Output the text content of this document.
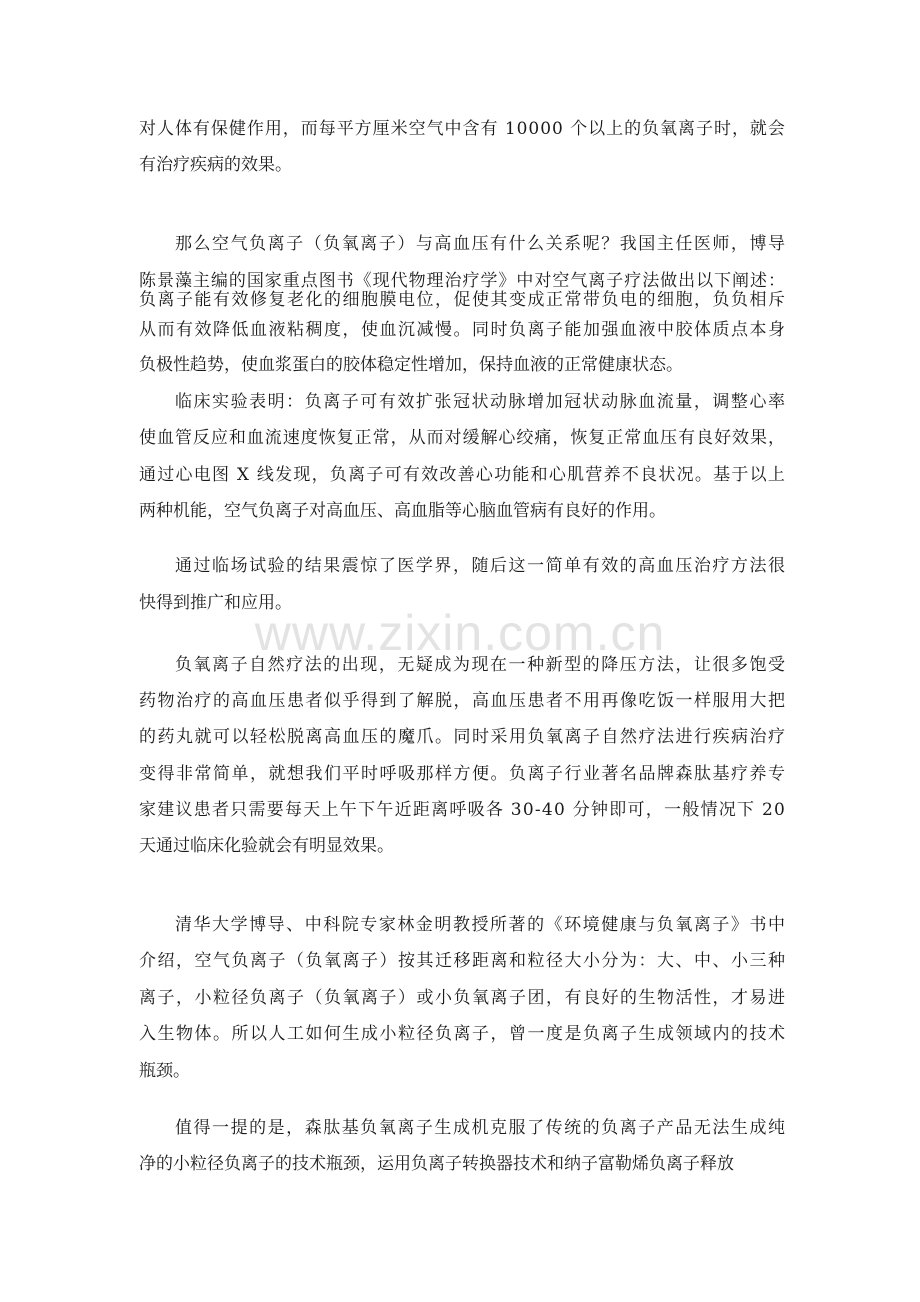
www.zixin.com.cn
对人体有保健作用，而每平方厘米空气中含有 10000 个以上的负氧离子时，就会
有治疗疾病的效果。
那么空气负离子（负氧离子）与高血压有什么关系呢？我国主任医师，博导
陈景藻主编的国家重点图书《现代物理治疗学》中对空气离子疗法做出以下阐述：
负离子能有效修复老化的细胞膜电位，促使其变成正常带负电的细胞，负负相斥
从而有效降低血液粘稠度，使血沉减慢。同时负离子能加强血液中胶体质点本身
负极性趋势，使血浆蛋白的胶体稳定性增加，保持血液的正常健康状态。
临床实验表明：负离子可有效扩张冠状动脉增加冠状动脉血流量，调整心率
使血管反应和血流速度恢复正常，从而对缓解心绞痛，恢复正常血压有良好效果，
通过心电图 X 线发现，负离子可有效改善心功能和心肌营养不良状况。基于以上
两种机能，空气负离子对高血压、高血脂等心脑血管病有良好的作用。
通过临场试验的结果震惊了医学界，随后这一简单有效的高血压治疗方法很
快得到推广和应用。
负氧离子自然疗法的出现，无疑成为现在一种新型的降压方法，让很多饱受
药物治疗的高血压患者似乎得到了解脱，高血压患者不用再像吃饭一样服用大把
的药丸就可以轻松脱离高血压的魔爪。同时采用负氧离子自然疗法进行疾病治疗
变得非常简单，就想我们平时呼吸那样方便。负离子行业著名品牌森肽基疗养专
家建议患者只需要每天上午下午近距离呼吸各 30-40 分钟即可，一般情况下 20
天通过临床化验就会有明显效果。
清华大学博导、中科院专家林金明教授所著的《环境健康与负氧离子》书中
介绍，空气负离子（负氧离子）按其迁移距离和粒径大小分为：大、中、小三种
离子，小粒径负离子（负氧离子）或小负氧离子团，有良好的生物活性，才易进
入生物体。所以人工如何生成小粒径负离子，曾一度是负离子生成领域内的技术
瓶颈。
值得一提的是，森肽基负氧离子生成机克服了传统的负离子产品无法生成纯
净的小粒径负离子的技术瓶颈，运用负离子转换器技术和纳子富勒烯负离子释放
